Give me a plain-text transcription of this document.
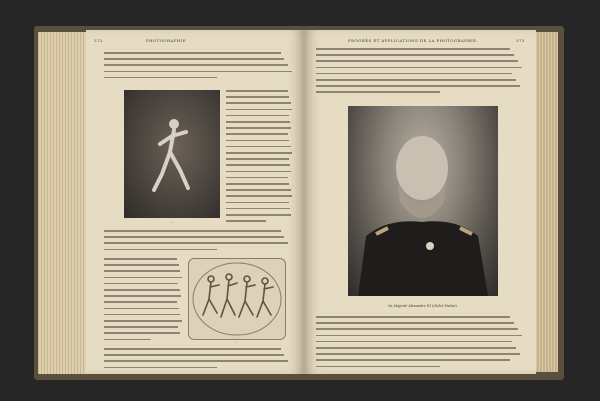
372	PHOTOGRAPHIE
…
…
PROGRÈS ET APPLICATIONS DE LA PHOTOGRAPHIE.	373
Sa Majesté Alexandre III (cliché Nadar).
